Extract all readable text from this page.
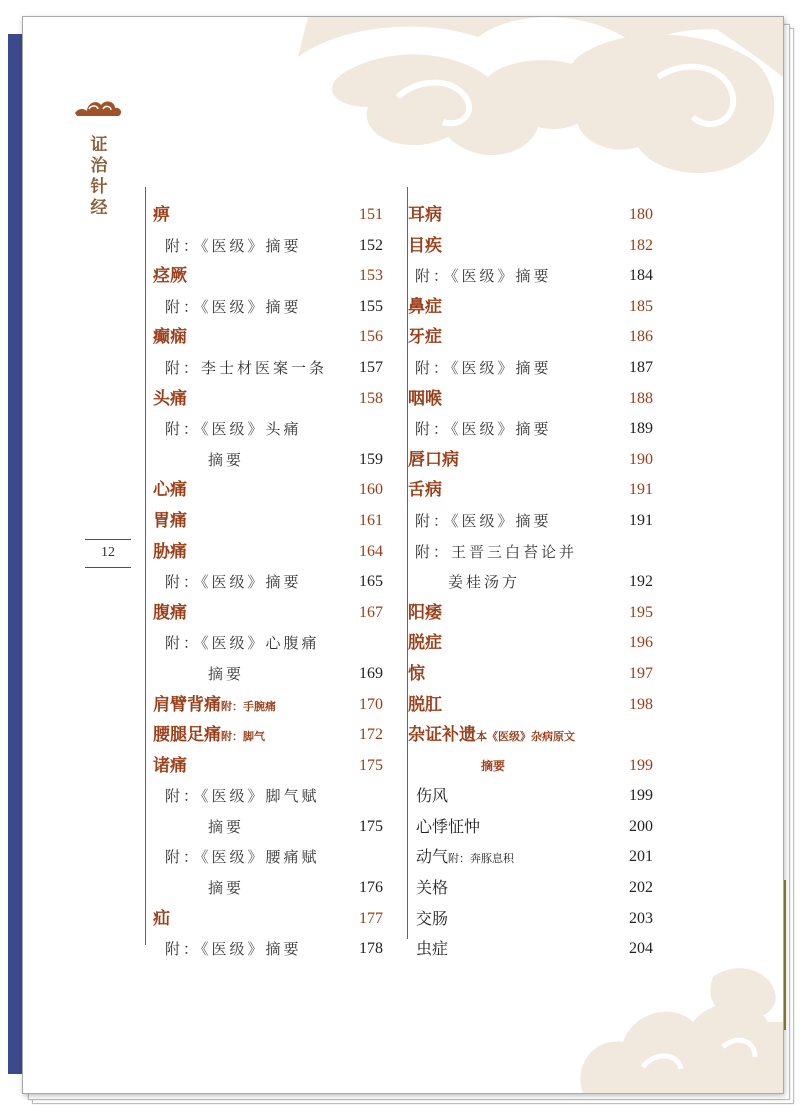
证治针经
12
痹	151
附：《医级》摘要	152
痉厥	153
附：《医级》摘要	155
癫痫	156
附：李士材医案一条 157
头痛	158
附：《医级》头痛
摘要	159
心痛	160
胃痛	161
胁痛	164
附：《医级》摘要	165
腹痛	167
附：《医级》心腹痛
摘要	169
肩臂背痛附：手腕痛	170
腰腿足痛附：脚气	172
诸痛	175
附：《医级》脚气赋
摘要	175
附：《医级》腰痛赋
摘要	176
疝	177
附：《医级》摘要	178
耳病	180
目疾	182
附：《医级》摘要	184
鼻症	185
牙症	186
附：《医级》摘要	187
咽喉	188
附：《医级》摘要	189
唇口病	190
舌病	191
附：《医级》摘要	191
附：王晋三白苔论并
姜桂汤方	192
阳痿	195
脱症	196
惊	197
脱肛	198
杂证补遗本《医级》杂病原文
摘要	199
伤风	199
心悸怔忡	200
动气附：奔豚息积	201
关格	202
交肠	203
虫症	204
